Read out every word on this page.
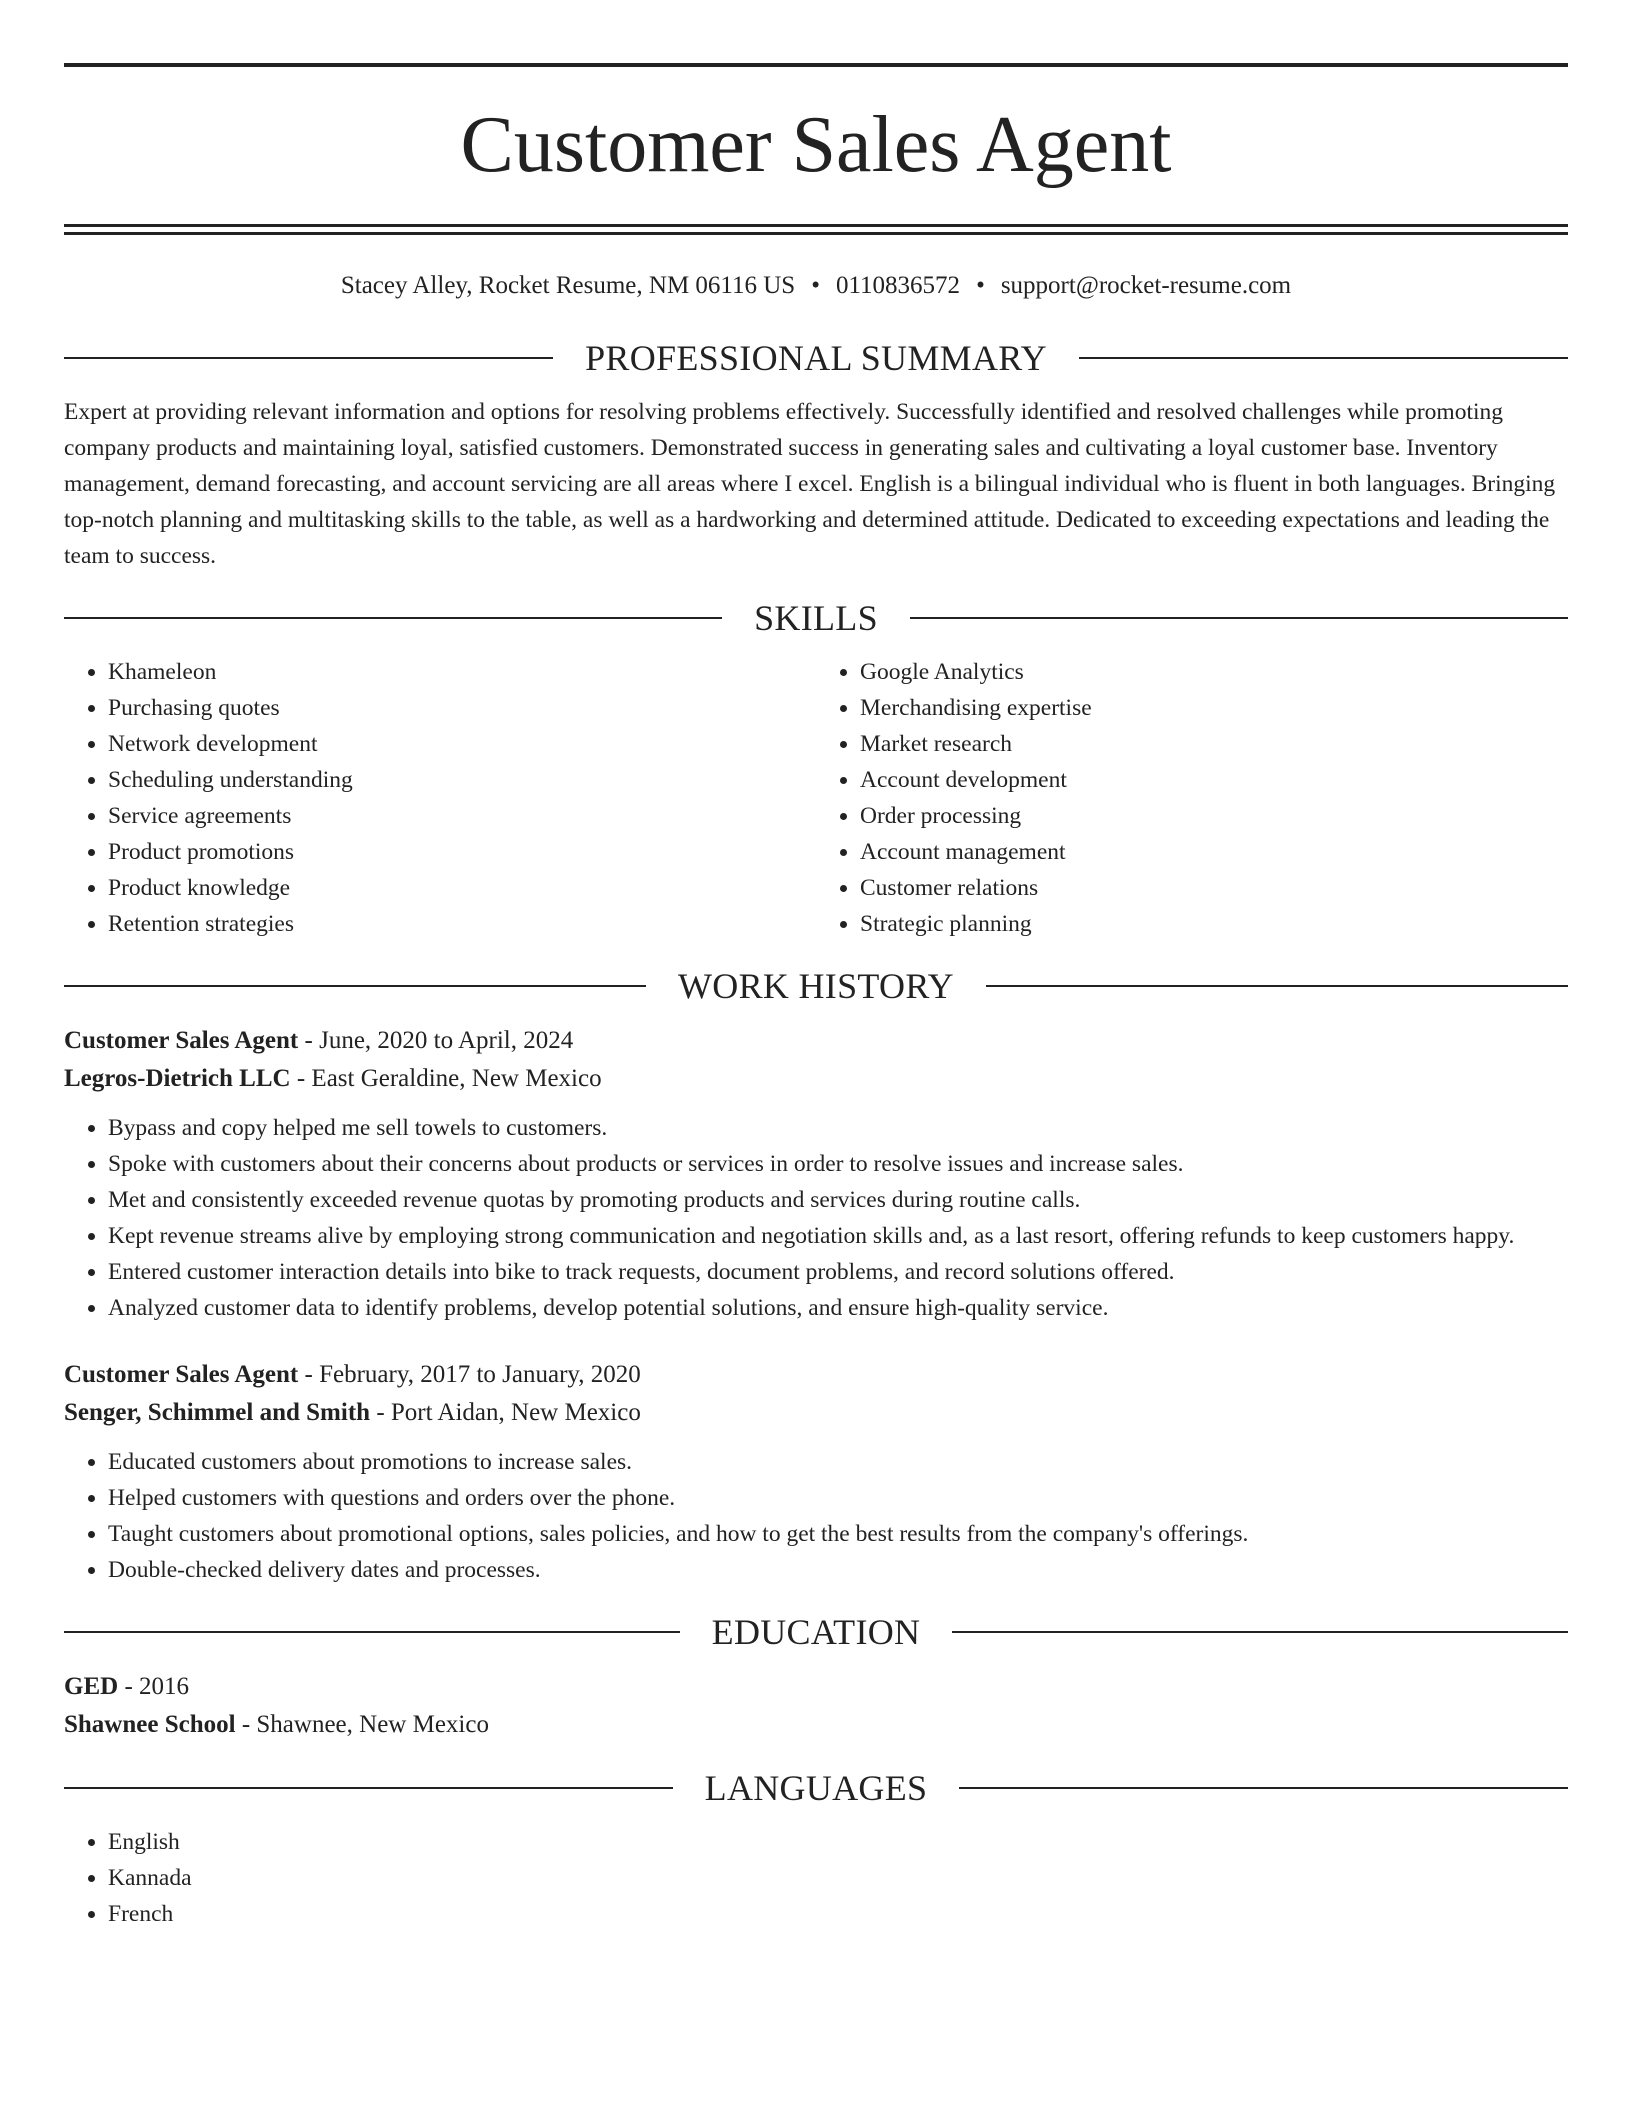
Customer Sales Agent
Stacey Alley, Rocket Resume, NM 06116 US • 0110836572 • support@rocket-resume.com
PROFESSIONAL SUMMARY

Expert at providing relevant information and options for resolving problems effectively. Successfully identified and resolved challenges while promoting company products and maintaining loyal, satisfied customers. Demonstrated success in generating sales and cultivating a loyal customer base. Inventory management, demand forecasting, and account servicing are all areas where I excel. English is a bilingual individual who is fluent in both languages. Bringing top-notch planning and multitasking skills to the table, as well as a hardworking and determined attitude. Dedicated to exceeding expectations and leading the team to success.

SKILLS
• Khameleon
• Purchasing quotes
• Network development
• Scheduling understanding
• Service agreements
• Product promotions
• Product knowledge
• Retention strategies
• Google Analytics
• Merchandising expertise
• Market research
• Account development
• Order processing
• Account management
• Customer relations
• Strategic planning
WORK HISTORY
Customer Sales Agent - June, 2020 to April, 2024
Legros-Dietrich LLC - East Geraldine, New Mexico
• Bypass and copy helped me sell towels to customers.
• Spoke with customers about their concerns about products or services in order to resolve issues and increase sales.
• Met and consistently exceeded revenue quotas by promoting products and services during routine calls.
• Kept revenue streams alive by employing strong communication and negotiation skills and, as a last resort, offering refunds to keep customers happy.
• Entered customer interaction details into bike to track requests, document problems, and record solutions offered.
• Analyzed customer data to identify problems, develop potential solutions, and ensure high-quality service.
Customer Sales Agent - February, 2017 to January, 2020
Senger, Schimmel and Smith - Port Aidan, New Mexico
• Educated customers about promotions to increase sales.
• Helped customers with questions and orders over the phone.
• Taught customers about promotional options, sales policies, and how to get the best results from the company's offerings.
• Double-checked delivery dates and processes.
EDUCATION
GED - 2016
Shawnee School - Shawnee, New Mexico
LANGUAGES
• English
• Kannada
• French
